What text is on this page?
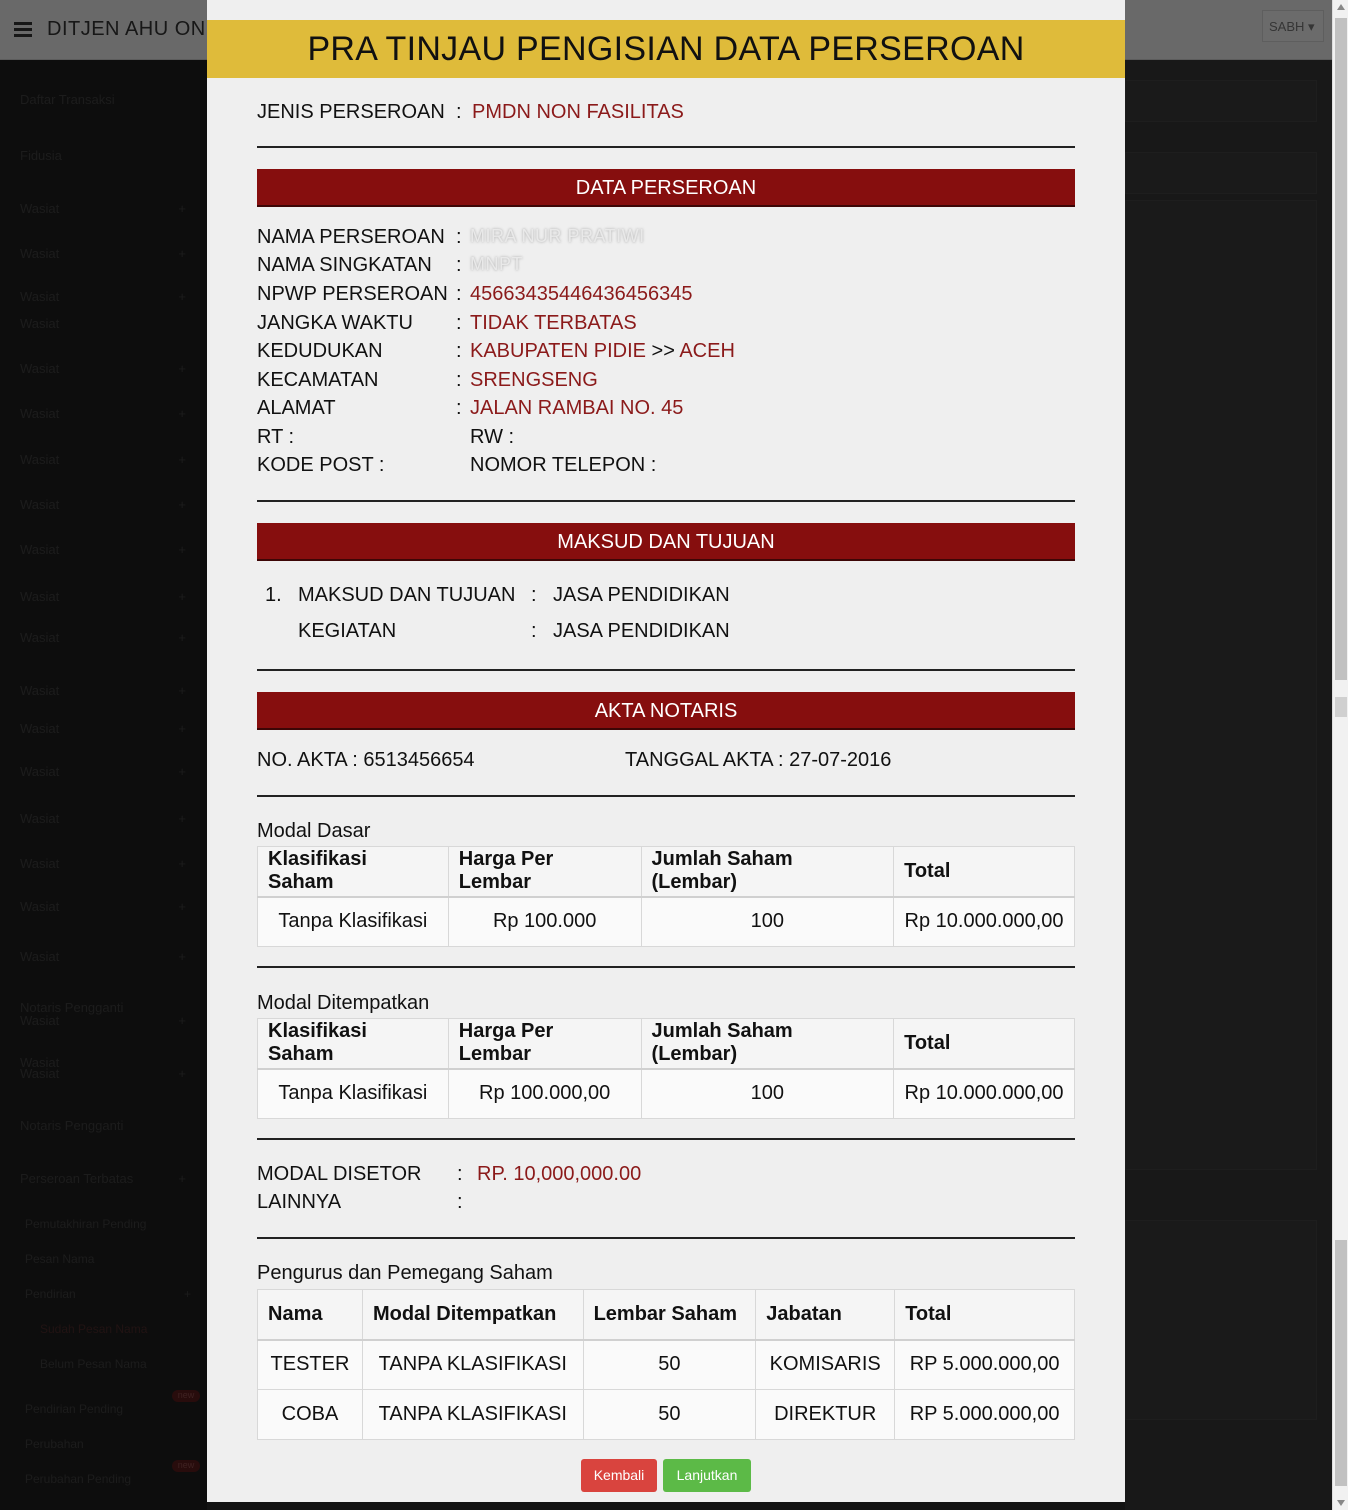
PRA TINJAU PENGISIAN DATA PERSEROAN
JENIS PERSEROAN  : PMDN NON FASILITAS
DATA PERSEROAN
NAMA PERSEROAN : MIRA NUR PRATIWI
NAMA SINGKATAN : MNPT
NPWP PERSEROAN : 45663435446436456345
JANGKA WAKTU : TIDAK TERBATAS
KEDUDUKAN	: KABUPATEN PIDIE >> ACEH
KECAMATAN	: SRENGSENG
ALAMAT	: JALAN RAMBAI NO. 45
RT :	RW :
KODE POST :	NOMOR TELEPON :
MAKSUD DAN TUJUAN
1. MAKSUD DAN TUJUAN : JASA PENDIDIKAN
KEGIATAN	: JASA PENDIDIKAN
AKTA NOTARIS
NO. AKTA : 6513456654	TANGGAL AKTA : 27-07-2016
Modal Dasar
Klasifikasi Saham	Harga Per Lembar	Jumlah Saham (Lembar)	Total
Tanpa Klasifikasi	Rp 100.000	100	Rp 10.000.000,00
Modal Ditempatkan
Klasifikasi Saham	Harga Per Lembar	Jumlah Saham (Lembar)	Total
Tanpa Klasifikasi	Rp 100.000,00	100	Rp 10.000.000,00
MODAL DISETOR : RP. 10,000,000.00
LAINNYA	:
Pengurus dan Pemegang Saham
Nama	Modal Ditempatkan	Lembar Saham	Jabatan	Total
TESTER	TANPA KLASIFIKASI	50	KOMISARIS	RP 5.000.000,00
COBA	TANPA KLASIFIKASI	50	DIREKTUR	RP 5.000.000,00
Kembali	Lanjutkan
